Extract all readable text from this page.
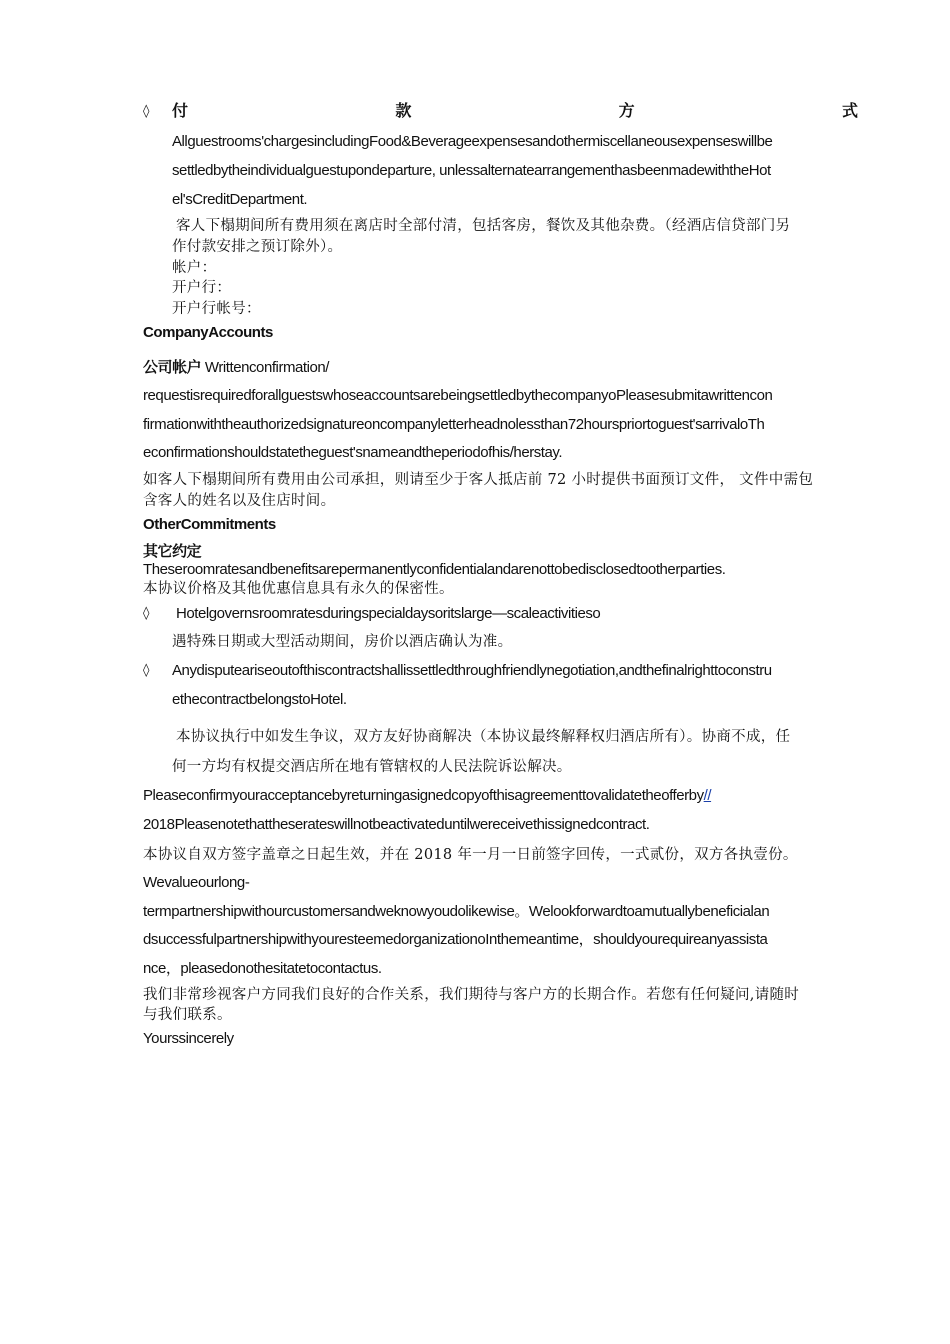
◊ 付	款	方	式
Allguestrooms'chargesincludingFood&Beverageexpensesandothermiscellaneousexpenseswillbe
settledbytheindividualguestupondeparture, unlessalternatearrangementhasbeenmadewiththeHot
el'sCreditDepartment.
客人下榻期间所有费用须在离店时全部付清，包括客房，餐饮及其他杂费。（经酒店信贷部门另
作付款安排之预订除外）。
帐户：
开户行：
开户行帐号：
CompanyAccounts
公司帐户 Writtenconfirmation/
requestisrequiredforallguestswhoseaccountsarebeingsettledbythecompanyoPleasesubmitawrittencon
firmationwiththeauthorizedsignatureoncompanyletterheadnolessthan72hourspriortoguest'sarrivaloTh
econfirmationshouldstatetheguest'snameandtheperiodofhis/herstay.
如客人下榻期间所有费用由公司承担，则请至少于客人抵店前 72 小时提供书面预订文件， 文件中需包
含客人的姓名以及住店时间。
OtherCommitments
其它约定
Theseroomratesandbenefitsarepermanentlyconfidentialandarenottobedisclosedtootherparties.
本协议价格及其他优惠信息具有永久的保密性。
◊ Hotelgovernsroomratesduringspecialdaysoritslarge—scaleactivitieso
遇特殊日期或大型活动期间，房价以酒店确认为准。
◊ Anydisputeariseoutofthiscontractshallissettledthroughfriendlynegotiation,andthefinalrighttoconstru
ethecontractbelongstoHotel.
本协议执行中如发生争议，双方友好协商解决（本协议最终解释权归酒店所有）。协商不成，任
何一方均有权提交酒店所在地有管辖权的人民法院诉讼解决。
Pleaseconfirmyouracceptancebyreturningasignedcopyofthisagreementtovalidatetheofferby//
2018Pleasenotethattheserateswillnotbeactivateduntilwereceivethissignedcontract.
本协议自双方签字盖章之日起生效，并在 2018 年一月一日前签字回传，一式贰份，双方各执壹份。
Wevalueourlong-
termpartnershipwithourcustomersandweknowyoudolikewise。Welookforwardtoamutuallybeneficialan
dsuccessfulpartnershipwithyouresteemedorganizationoInthemeantime，shouldyourequireanyassista
nce，pleasedonothesitatetocontactus.
我们非常珍视客户方同我们良好的合作关系，我们期待与客户方的长期合作。若您有任何疑问,请随时
与我们联系。
Yourssincerely
